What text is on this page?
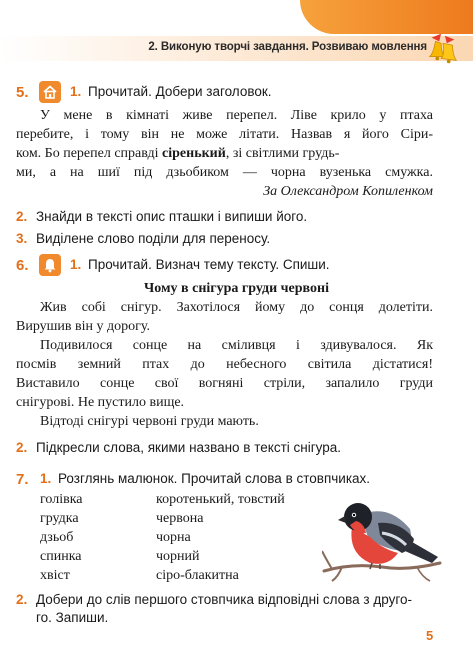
2. Виконую творчі завдання. Розвиваю мовлення
5.	1. Прочитай. Добери заголовок.
У мене в кімнаті живе перепел. Ліве крило у птаха
перебите, і тому він не може літати. Назвав я його Сіри-
ком. Бо перепел справді сіренький, зі світлими грудь-
ми, а на шиї під дзьобиком — чорна вузенька смужка.
За Олександром Копиленком
2. Знайди в тексті опис пташки і випиши його.
3. Виділене слово поділи для переносу.
6.	1. Прочитай. Визнач тему тексту. Спиши.
Чому в снігура груди червоні
Жив собі снігур. Захотілося йому до сонця долетіти.
Вирушив він у дорогу.
Подивилося сонце на сміливця і здивувалося. Як
посмів земний птах до небесного світила дістатися!
Виставило сонце свої вогняні стріли, запалило груди
снігурові. Не пустило вище.
Відтоді снігурі червоні груди мають.
2. Підкресли слова, якими названо в тексті снігура.
7. 1. Розглянь малюнок. Прочитай слова в стовпчиках.
голівка	коротенький, товстий
грудка	червона
дзьоб	чорна
спинка	чорний
хвіст	сіро-блакитна
2. Добери до слів першого стовпчика відповідні слова з друго-
го. Запиши.
5
